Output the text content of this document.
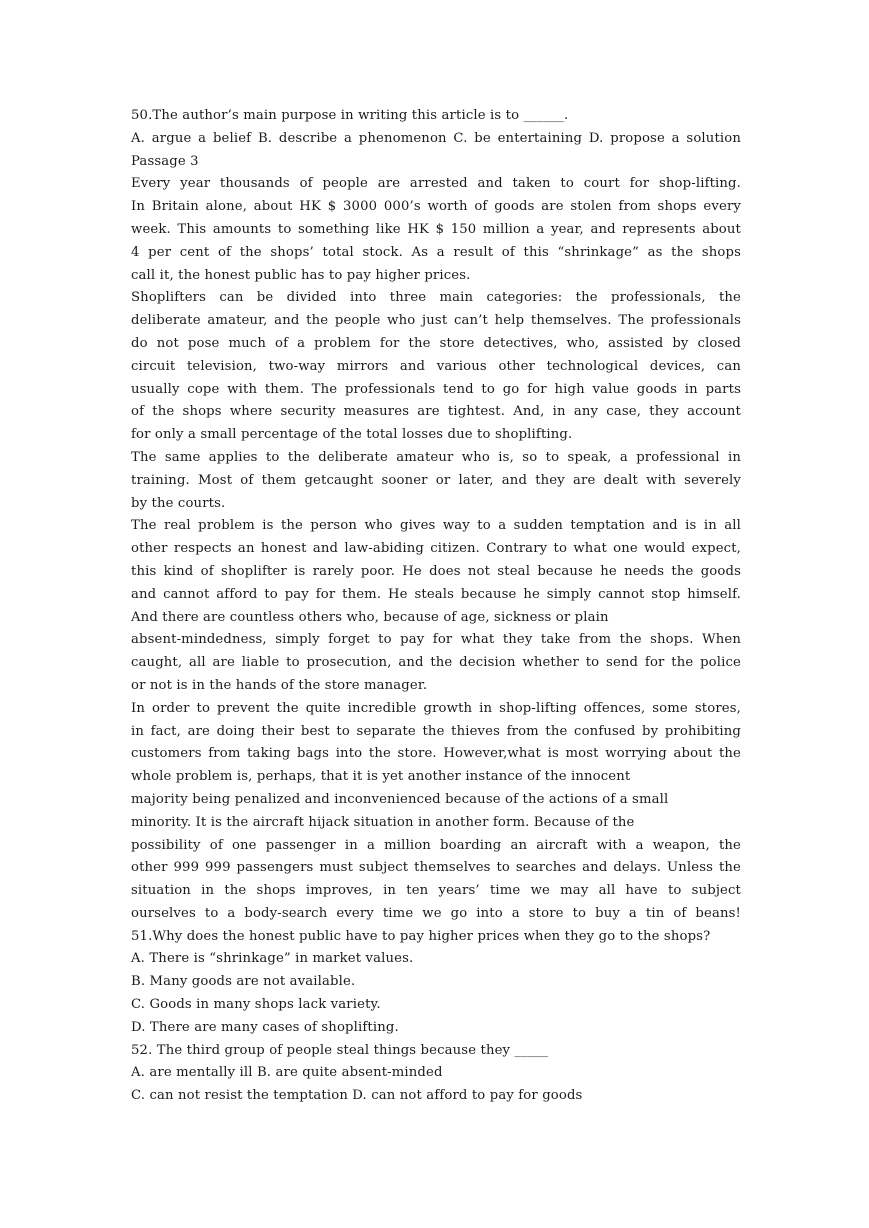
50.The author’s main purpose in writing this article is to ______.
A. argue a belief B. describe a phenomenon C. be entertaining D. propose a solution
Passage 3
Every year thousands of people are arrested and taken to court for shop-lifting.
In Britain alone, about HK $ 3000 000’s worth of goods are stolen from shops every
week. This amounts to something like HK $ 150 million a year, and represents about
4 per cent of the shops’ total stock. As a result of this “shrinkage” as the shops
call it, the honest public has to pay higher prices.
Shoplifters can be divided into three main categories: the professionals, the
deliberate amateur, and the people who just can’t help themselves. The professionals
do not pose much of a problem for the store detectives, who, assisted by closed
circuit television, two-way mirrors and various other technological devices, can
usually cope with them. The professionals tend to go for high value goods in parts
of the shops where security measures are tightest. And, in any case, they account
for only a small percentage of the total losses due to shoplifting.
The same applies to the deliberate amateur who is, so to speak, a professional in
training. Most of them getcaught sooner or later, and they are dealt with severely
by the courts.
The real problem is the person who gives way to a sudden temptation and is in all
other respects an honest and law-abiding citizen. Contrary to what one would expect,
this kind of shoplifter is rarely poor. He does not steal because he needs the goods
and cannot afford to pay for them. He steals because he simply cannot stop himself.
And there are countless others who, because of age, sickness or plain
absent-mindedness, simply forget to pay for what they take from the shops. When
caught, all are liable to prosecution, and the decision whether to send for the police
or not is in the hands of the store manager.
In order to prevent the quite incredible growth in shop-lifting offences, some stores,
in fact, are doing their best to separate the thieves from the confused by prohibiting
customers from taking bags into the store. However,what is most worrying about the
whole problem is, perhaps, that it is yet another instance of the innocent
majority being penalized and inconvenienced because of the actions of a small
minority. It is the aircraft hijack situation in another form. Because of the
possibility of one passenger in a million boarding an aircraft with a weapon, the
other 999 999 passengers must subject themselves to searches and delays. Unless the
situation in the shops improves, in ten years’ time we may all have to subject
ourselves to a body-search every time we go into a store to buy a tin of beans!
51.Why does the honest public have to pay higher prices when they go to the shops?
A. There is “shrinkage” in market values.
B. Many goods are not available.
C. Goods in many shops lack variety.
D. There are many cases of shoplifting.
52. The third group of people steal things because they _____
A. are mentally ill B. are quite absent-minded
C. can not resist the temptation D. can not afford to pay for goods
